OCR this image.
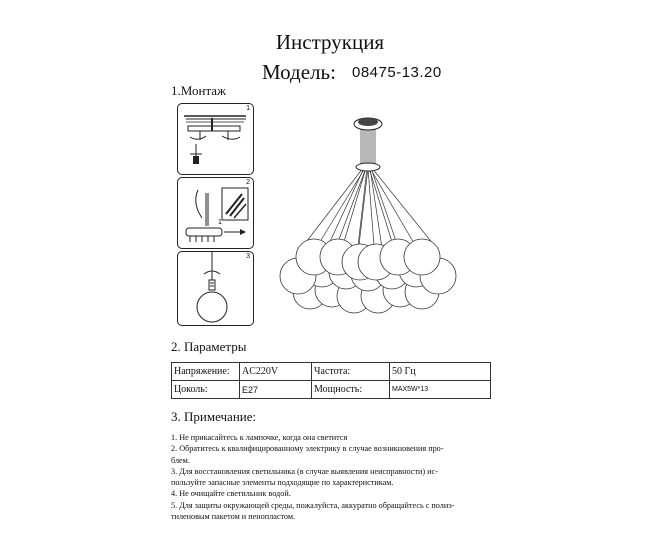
Инструкция
Модель: 08475-13.20
1.Монтаж
1
2
1
3
2. Параметры
Напряжение:	AC220V	Частота:	50 Гц
Цоколь:	E27	Мощность:	MAX5W*13
3. Примечание:
1. Не прикасайтесь к лампочке, когда она светится
2. Обратитесь к квалифицированному электрику в случае возникновения про-
блем.
3. Для восстановления светильника (в случае выявления неисправности) ис-
пользуйте запасные элементы подходящие по характеристикам.
4. Не очищайте светильник водой.
5. Для защиты окружающей среды, пожалуйста, аккуратно обращайтесь с полиэ-
тиленовым пакетом и пенопластом.
